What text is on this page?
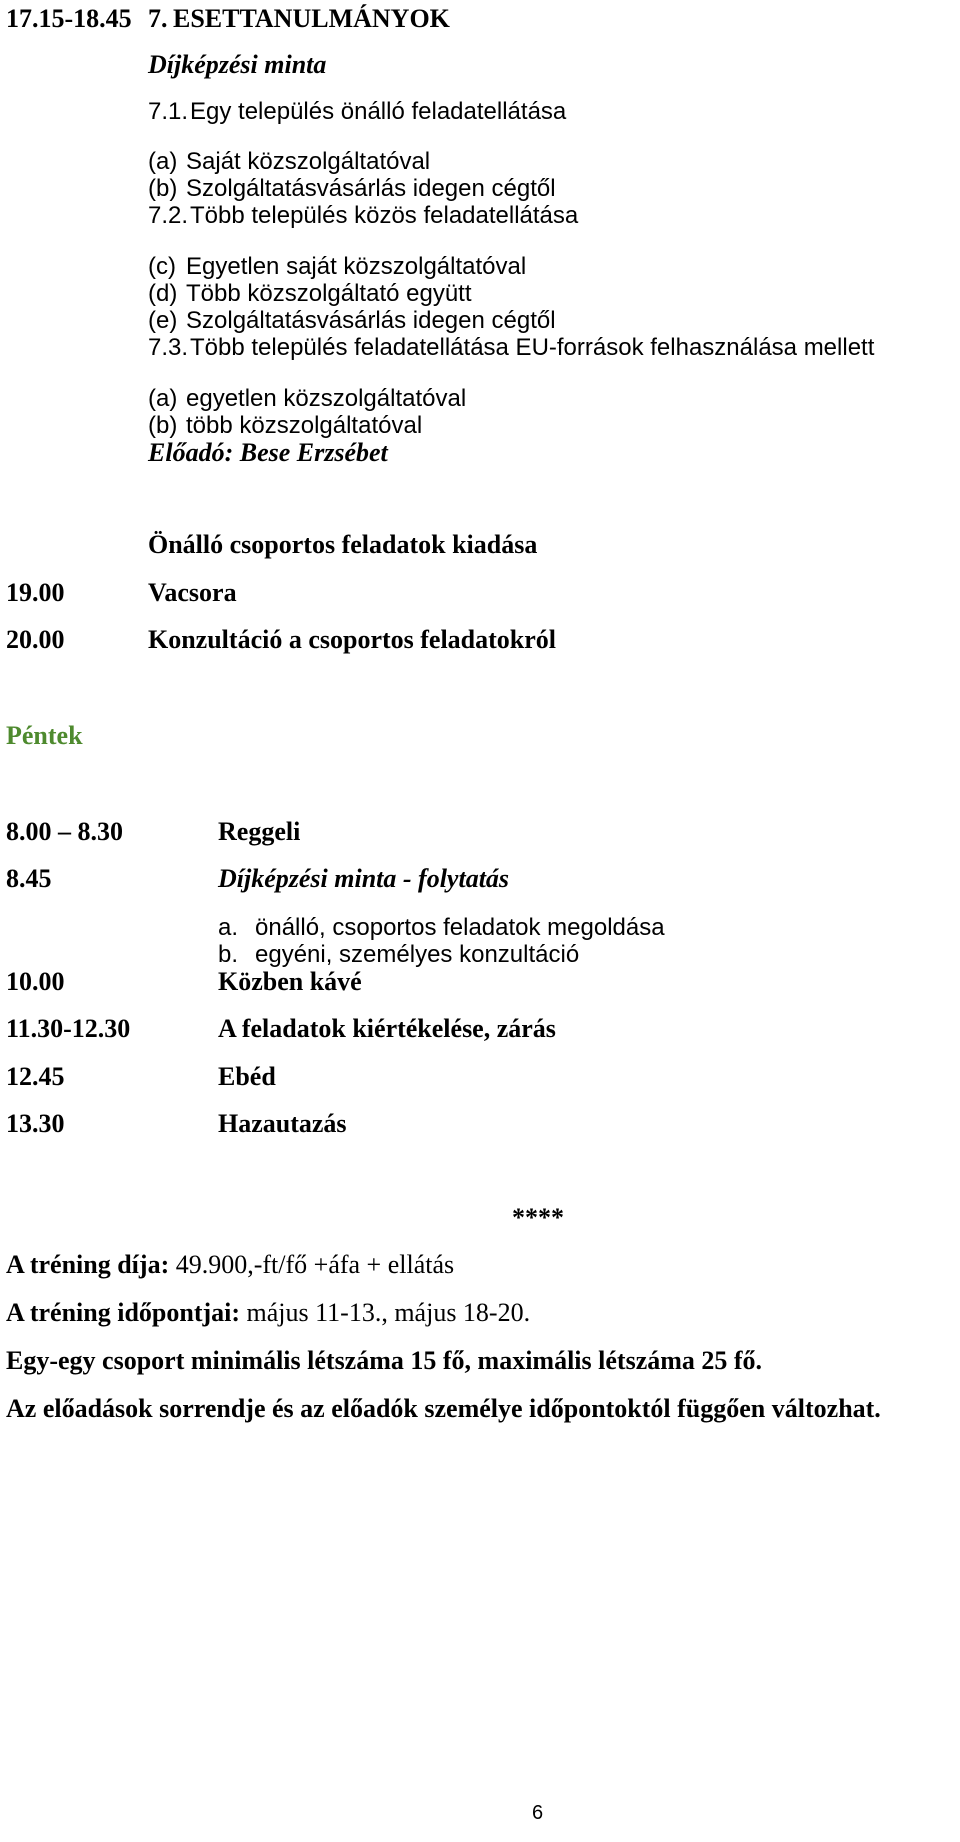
17.15-18.45 7. ESETTANULMÁNYOK
Díjképzési minta
7.1. Egy település önálló feladatellátása
(a) Saját közszolgáltatóval
(b) Szolgáltatásvásárlás idegen cégtől
7.2. Több település közös feladatellátása
(c) Egyetlen saját közszolgáltatóval
(d) Több közszolgáltató együtt
(e) Szolgáltatásvásárlás idegen cégtől
7.3. Több település feladatellátása EU-források felhasználása mellett
(a) egyetlen közszolgáltatóval
(b) több közszolgáltatóval
Előadó: Bese Erzsébet
Önálló csoportos feladatok kiadása
19.00	Vacsora
20.00	Konzultáció a csoportos feladatokról
Péntek
8.00 – 8.30	Reggeli
8.45	Díjképzési minta - folytatás
a. önálló, csoportos feladatok megoldása
b. egyéni, személyes konzultáció
10.00	Közben kávé
11.30-12.30	A feladatok kiértékelése, zárás
12.45	Ebéd
13.30	Hazautazás
****
A tréning díja: 49.900,-ft/fő +áfa + ellátás
A tréning időpontjai: május 11-13., május 18-20.
Egy-egy csoport minimális létszáma 15 fő, maximális létszáma 25 fő.
Az előadások sorrendje és az előadók személye időpontoktól függően változhat.
6
